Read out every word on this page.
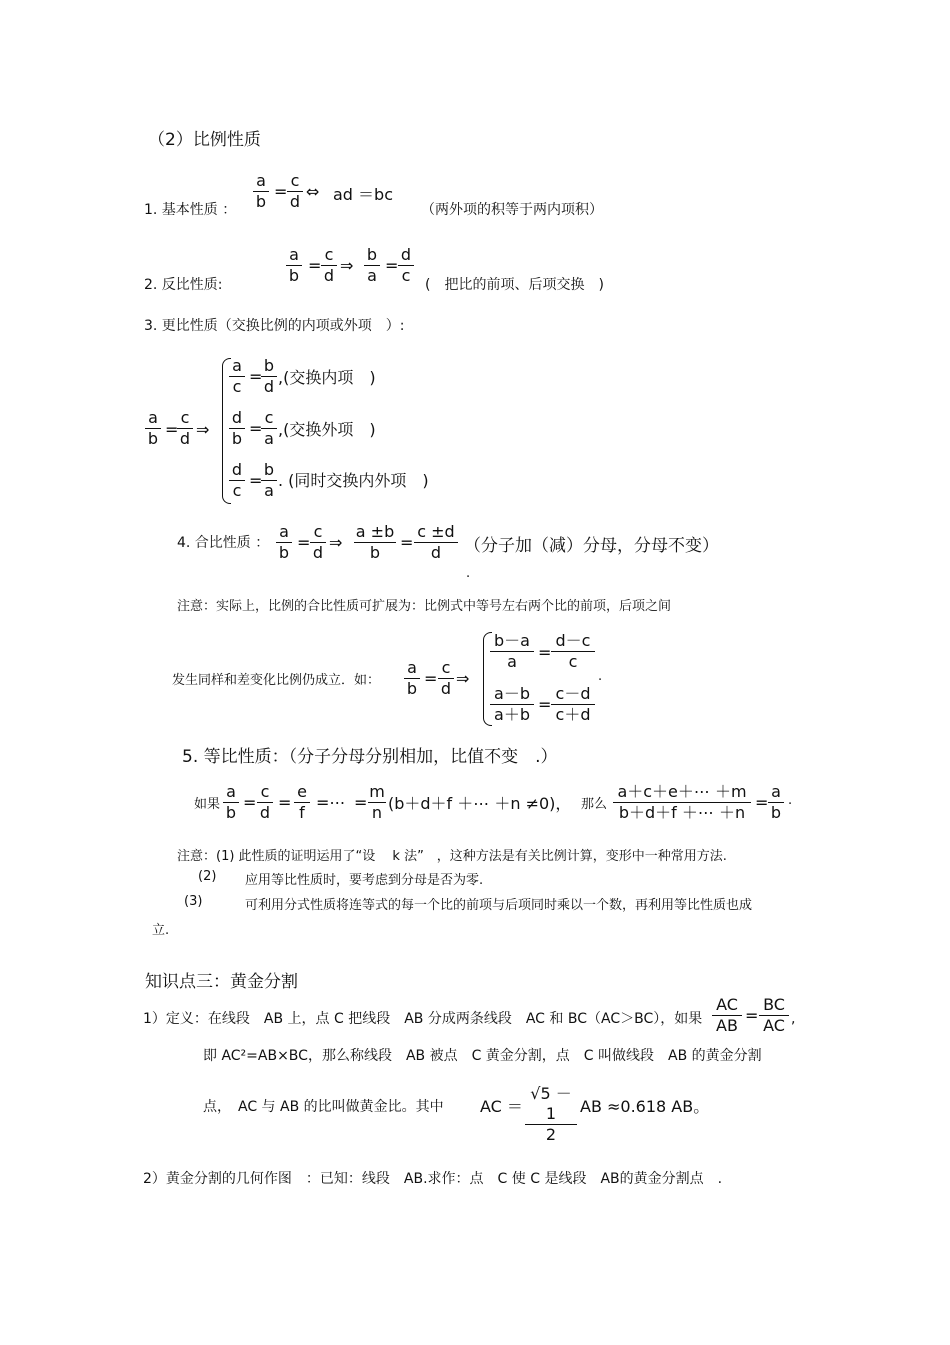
（2）比例性质
1. 基本性质 ： $\frac{a}{b} = \frac{c}{d}$ ⇔ ad ＝bc
（两外项的积等于两内项积）
2. 反比性质:	$\frac{a}{b} = \frac{c}{d}$ ⇒ $\frac{b}{a} = \frac{d}{c}$ (　把比的前项、后项交换　)
3. 更比性质（交换比例的内项或外项　）:
$\frac{a}{b}$ =
$\frac{c}{d}$ ⇒
$\frac{a}{c}$ =
$\frac{b}{d}$ ,(交换内项　)
$\frac{d}{b}$ =
$\frac{c}{a}$ ,(交换外项　)
$\frac{d}{c}$ =
$\frac{b}{a}$ . (同时交换内外项　)
4. 合比性质 ： $\frac{a}{b} = \frac{c}{d}$ ⇒ $\frac{a \pm b}{b} = \frac{c \pm d}{d}$ （分子加（减）分母，分母不变）
.
注意：实际上，比例的合比性质可扩展为：比例式中等号左右两个比的前项，后项之间
发生同样和差变化比例仍成立．如： $\frac{a}{b} = \frac{c}{d}$ ⇒
$\frac{b-a}{a} = \frac{d-c}{c}$
.
$\frac{a-b}{a+b} = \frac{c-d}{c+d}$
5. 等比性质：（分子分母分别相加，比值不变　.）
如果 $\frac{a}{b} = \frac{c}{d} = \frac{e}{f}$ =⋯ = $\frac{m}{n} (b+d+f$ ＋⋯ ＋n ≠0)， 那么 $\frac{a+c+e+\cdots +m}{b+d+f +\cdots +n} = \frac{a}{b}$ .
注意：(1) 此性质的证明运用了“设　 k 法”　，这种方法是有关比例计算，变形中一种常用方法.
(2) 应用等比性质时，要考虑到分母是否为零.
(3)	可利用分式性质将连等式的每一个比的前项与后项同时乘以一个数，再利用等比性质也成
立.
知识点三：黄金分割
1）定义：在线段　AB 上，点 C 把线段　AB 分成两条线段　AC 和 BC（AC＞BC），如果 $\frac{AC}{AB} = \frac{BC}{AC}$ ,
即 AC²=AB×BC，那么称线段　AB 被点　C 黄金分割，点　C 叫做线段　AB 的黄金分割
点，　AC 与 AB 的比叫做黄金比。其中 AC ＝ $\frac{√5 -1}{2}$ AB ≈0.618 AB。
2）黄金分割的几何作图　：已知：线段　AB.求作：点　C 使 C 是线段　AB的黄金分割点　.
